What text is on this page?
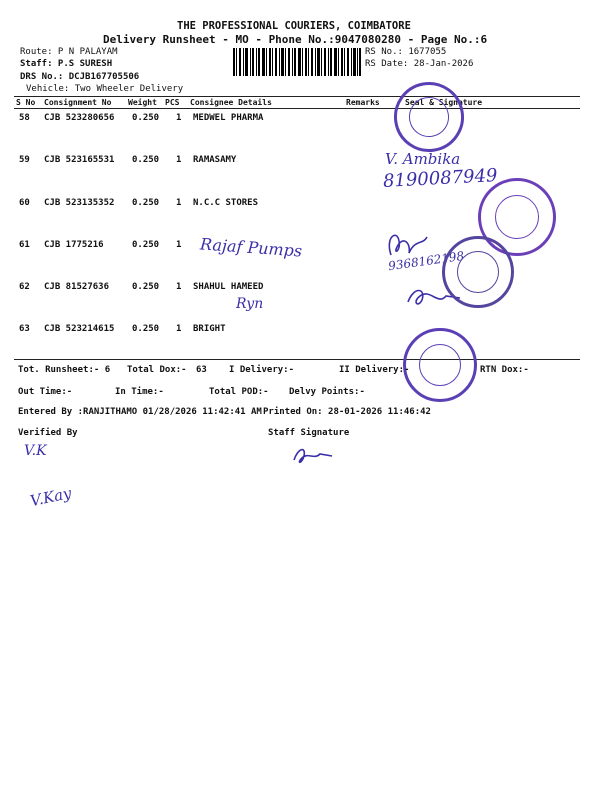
THE PROFESSIONAL COURIERS, COIMBATORE
Delivery Runsheet - MO - Phone No.:9047080280 - Page No.:6
Route: P N PALAYAM
Staff: P.S SURESH
DRS No.: DCJB167705506
Vehicle: Two Wheeler Delivery
RS No.: 1677055
RS Date: 28-Jan-2026
S No Consignment No Weight PCS Consignee Details	Remarks	Seal & Signature
58 CJB 523280656 0.250 1 MEDWEL PHARMA
59 CJB 523165531 0.250 1 RAMASAMY
60 CJB 523135352 0.250 1 N.C.C STORES
61 CJB 1775216	0.250 1
62 CJB 81527636	0.250 1 SHAHUL HAMEED
63 CJB 523214615 0.250 1 BRIGHT
V. Ambika
8190087949
Rajaf Pumps
9368162198
Ryn
Tot. Runsheet:- 6 Total Dox:- 63 I Delivery:-	II Delivery:-	RTN Dox:-
Out Time:-	In Time:-	Total POD:- Delvy Points:-
Entered By :RANJITHAMO 01/28/2026 11:42:41 AM Printed On: 28-01-2026 11:46:42
Verified By	Staff Signature
V.K
V.Kay
